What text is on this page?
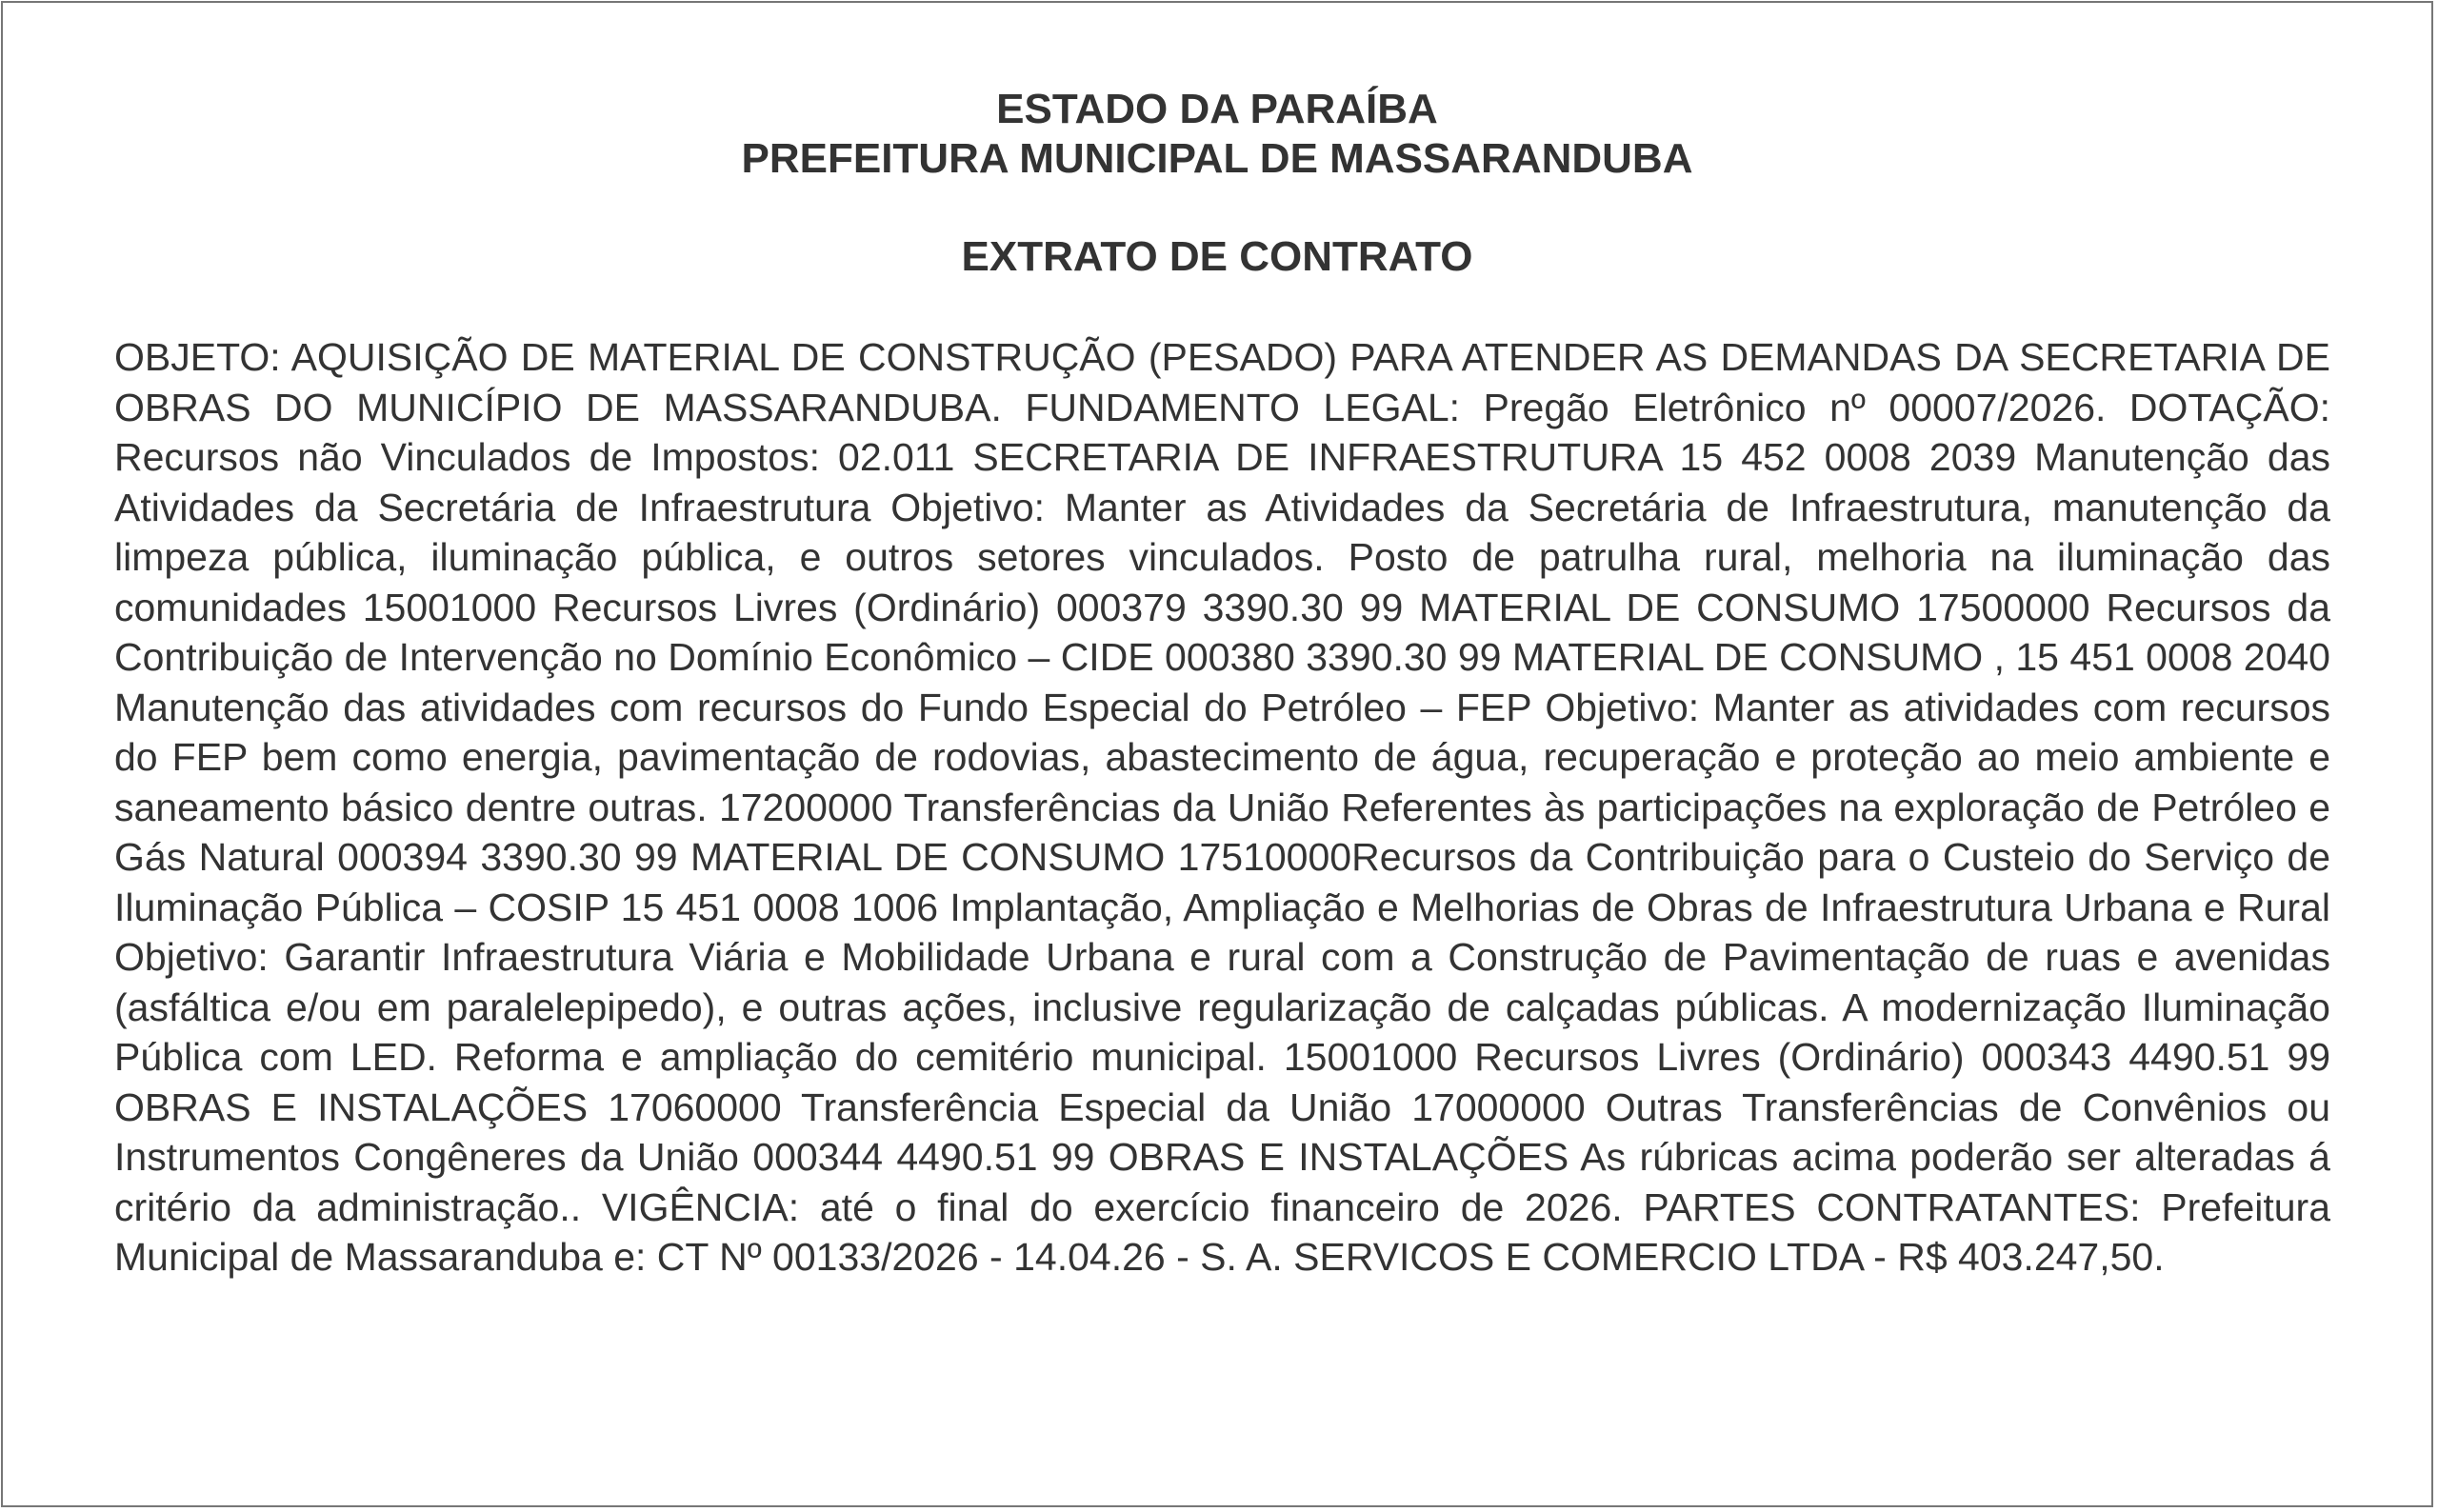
ESTADO DA PARAÍBA
PREFEITURA MUNICIPAL DE MASSARANDUBA
EXTRATO DE CONTRATO

OBJETO: AQUISIÇÃO DE MATERIAL DE CONSTRUÇÃO (PESADO) PARA ATENDER AS DEMANDAS DA SECRETARIA DE OBRAS DO MUNICÍPIO DE MASSARANDUBA. FUNDAMENTO LEGAL: Pregão Eletrônico nº 00007/2026. DOTAÇÃO: Recursos não Vinculados de Impostos: 02.011 SECRETARIA DE INFRAESTRUTURA 15 452 0008 2039 Manutenção das Atividades da Secretária de Infraestrutura Objetivo: Manter as Atividades da Secretária de Infraestrutura, manutenção da limpeza pública, iluminação pública, e outros setores vinculados. Posto de patrulha rural, melhoria na iluminação das comunidades 15001000 Recursos Livres (Ordinário) 000379 3390.30 99 MATERIAL DE CONSUMO 17500000 Recursos da Contribuição de Intervenção no Domínio Econômico – CIDE 000380 3390.30 99 MATERIAL DE CONSUMO , 15 451 0008 2040 Manutenção das atividades com recursos do Fundo Especial do Petróleo – FEP Objetivo: Manter as atividades com recursos do FEP bem como energia, pavimentação de rodovias, abastecimento de água, recuperação e proteção ao meio ambiente e saneamento básico dentre outras. 17200000 Transferências da União Referentes às participações na exploração de Petróleo e Gás Natural 000394 3390.30 99 MATERIAL DE CONSUMO 17510000Recursos da Contribuição para o Custeio do Serviço de Iluminação Pública – COSIP 15 451 0008 1006 Implantação, Ampliação e Melhorias de Obras de Infraestrutura Urbana e Rural Objetivo: Garantir Infraestrutura Viária e Mobilidade Urbana e rural com a Construção de Pavimentação de ruas e avenidas (asfáltica e/ou em paralelepipedo), e outras ações, inclusive regularização de calçadas públicas. A modernização Iluminação Pública com LED. Reforma e ampliação do cemitério municipal. 15001000 Recursos Livres (Ordinário) 000343 4490.51 99 OBRAS E INSTALAÇÕES 17060000 Transferência Especial da União 17000000 Outras Transferências de Convênios ou Instrumentos Congêneres da União 000344 4490.51 99 OBRAS E INSTALAÇÕES As rúbricas acima poderão ser alteradas á critério da administração.. VIGÊNCIA: até o final do exercício financeiro de 2026. PARTES CONTRATANTES: Prefeitura Municipal de Massaranduba e: CT Nº 00133/2026 - 14.04.26 - S. A. SERVICOS E COMERCIO LTDA - R$ 403.247,50.
